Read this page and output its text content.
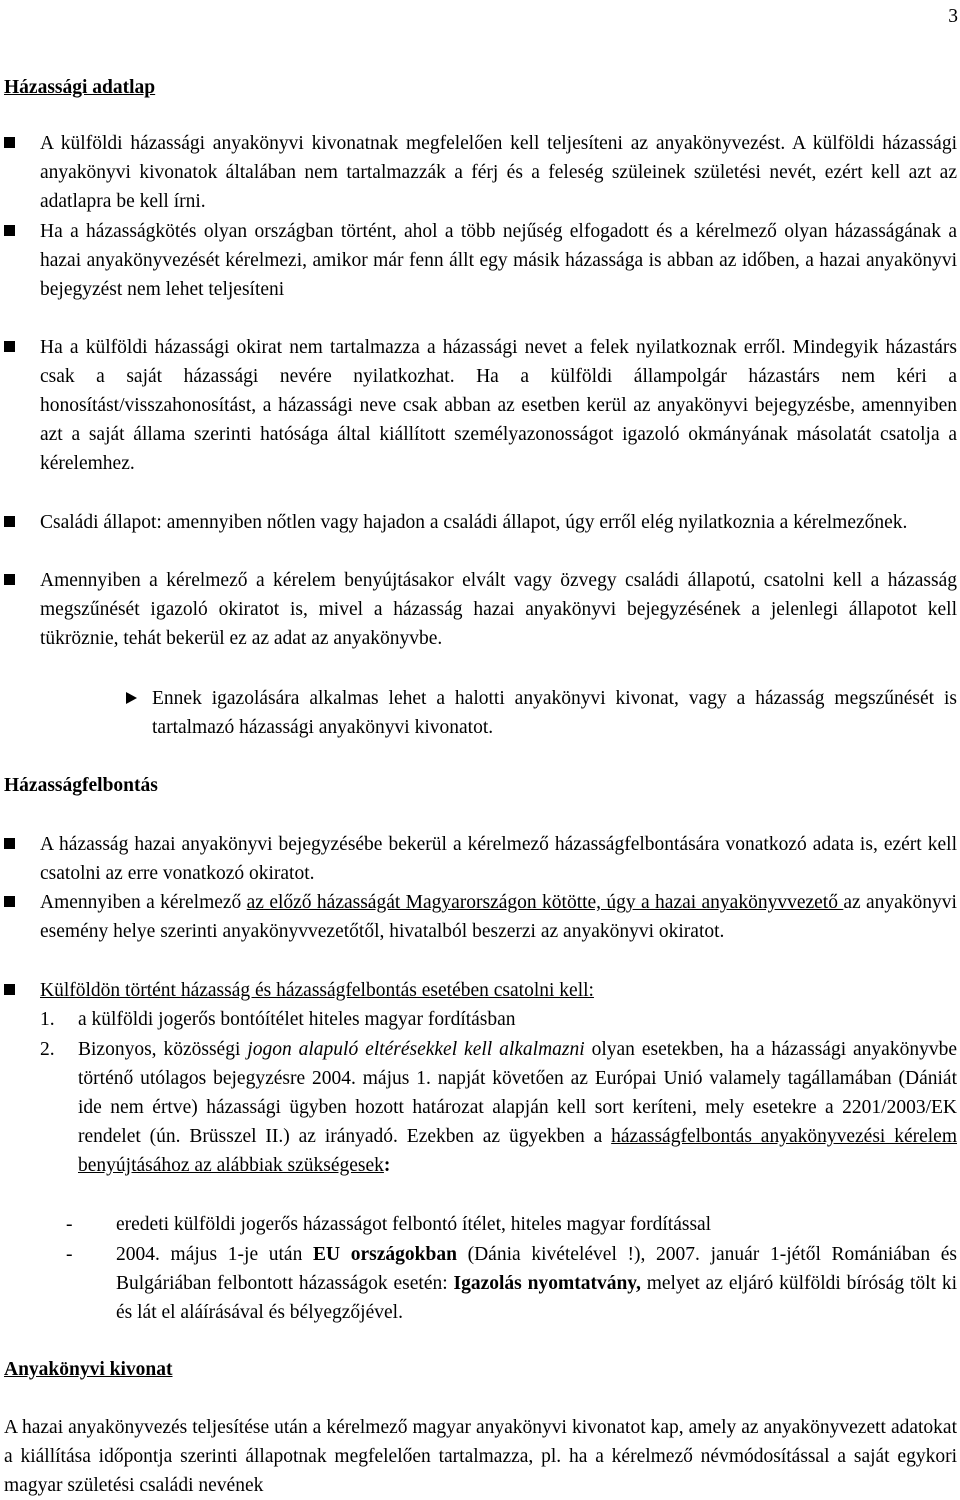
3
Házassági adatlap
A külföldi házassági anyakönyvi kivonatnak megfelelően kell teljesíteni az anyakönyvezést. A külföldi házassági anyakönyvi kivonatok általában nem tartalmazzák a férj és a feleség szüleinek születési nevét, ezért kell azt az adatlapra be kell írni.
Ha a házasságkötés olyan országban történt, ahol a több nejűség elfogadott és a kérelmező olyan házasságának a hazai anyakönyvezését kérelmezi, amikor már fenn állt egy másik házassága is abban az időben, a hazai anyakönyvi bejegyzést nem lehet teljesíteni
Ha a külföldi házassági okirat nem tartalmazza a házassági nevet a felek nyilatkoznak erről. Mindegyik házastárs csak a saját házassági nevére nyilatkozhat. Ha a külföldi állampolgár házastárs nem kéri a honosítást/visszahonosítást, a házassági neve csak abban az esetben kerül az anyakönyvi bejegyzésbe, amennyiben azt a saját állama szerinti hatósága által kiállított személyazonosságot igazoló okmányának másolatát csatolja a kérelemhez.
Családi állapot: amennyiben nőtlen vagy hajadon a családi állapot, úgy erről elég nyilatkoznia a kérelmezőnek.
Amennyiben a kérelmező a kérelem benyújtásakor elvált vagy özvegy családi állapotú, csatolni kell a házasság megszűnését igazoló okiratot is, mivel a házasság hazai anyakönyvi bejegyzésének a jelenlegi állapotot kell tükröznie, tehát bekerül ez az adat az anyakönyvbe.
Ennek igazolására alkalmas lehet a halotti anyakönyvi kivonat, vagy a házasság megszűnését is tartalmazó házassági anyakönyvi kivonatot.
Házasságfelbontás
A házasság hazai anyakönyvi bejegyzésébe bekerül a kérelmező házasságfelbontására vonatkozó adata is, ezért kell csatolni az erre vonatkozó okiratot.
Amennyiben a kérelmező az előző házasságát Magyarországon kötötte, úgy a hazai anyakönyvvezető az anyakönyvi esemény helye szerinti anyakönyvvezetőtől, hivatalból beszerzi az anyakönyvi okiratot.
Külföldön történt házasság és házasságfelbontás esetében csatolni kell:
1. a külföldi jogerős bontóítélet hiteles magyar fordításban
2. Bizonyos, közösségi jogon alapuló eltérésekkel kell alkalmazni olyan esetekben, ha a házassági anyakönyvbe történő utólagos bejegyzésre 2004. május 1. napját követően az Európai Unió valamely tagállamában (Dániát ide nem értve) házassági ügyben hozott határozat alapján kell sort keríteni, mely esetekre a 2201/2003/EK rendelet (ún. Brüsszel II.) az irányadó. Ezekben az ügyekben a házasságfelbontás anyakönyvezési kérelem benyújtásához az alábbiak szükségesek:
- eredeti külföldi jogerős házasságot felbontó ítélet, hiteles magyar fordítással
- 2004. május 1-je után EU országokban (Dánia kivételével !), 2007. január 1-jétől Romániában és Bulgáriában felbontott házasságok esetén: Igazolás nyomtatvány, melyet az eljáró külföldi bíróság tölt ki és lát el aláírásával és bélyegzőjével.
Anyakönyvi kivonat
A hazai anyakönyvezés teljesítése után a kérelmező magyar anyakönyvi kivonatot kap, amely az anyakönyvezett adatokat a kiállítása időpontja szerinti állapotnak megfelelően tartalmazza, pl. ha a kérelmező névmódosítással a saját egykori magyar születési családi nevének
